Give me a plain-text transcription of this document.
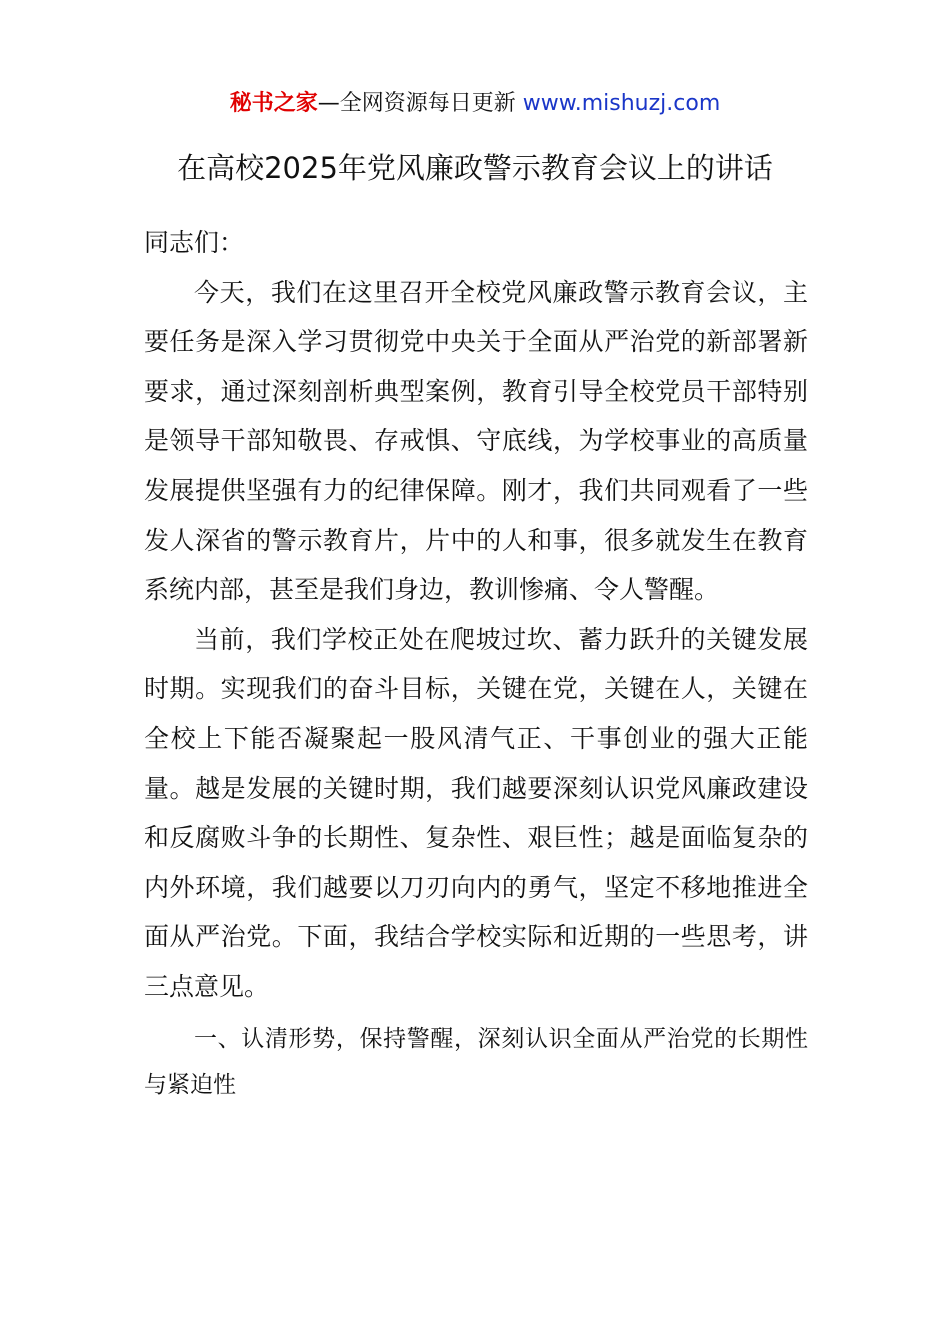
秘书之家—全网资源每日更新 www.mishuzj.com
在高校2025年党风廉政警示教育会议上的讲话

同志们：

今天，我们在这里召开全校党风廉政警示教育会议，主要任务是深入学习贯彻党中央关于全面从严治党的新部署新要求，通过深刻剖析典型案例，教育引导全校党员干部特别是领导干部知敬畏、存戒惧、守底线，为学校事业的高质量发展提供坚强有力的纪律保障。刚才，我们共同观看了一些发人深省的警示教育片，片中的人和事，很多就发生在教育系统内部，甚至是我们身边，教训惨痛、令人警醒。

当前，我们学校正处在爬坡过坎、蓄力跃升的关键发展时期。实现我们的奋斗目标，关键在党，关键在人，关键在全校上下能否凝聚起一股风清气正、干事创业的强大正能量。越是发展的关键时期，我们越要深刻认识党风廉政建设和反腐败斗争的长期性、复杂性、艰巨性；越是面临复杂的内外环境，我们越要以刀刃向内的勇气，坚定不移地推进全面从严治党。下面，我结合学校实际和近期的一些思考，讲三点意见。

一、认清形势，保持警醒，深刻认识全面从严治党的长期性与紧迫性
